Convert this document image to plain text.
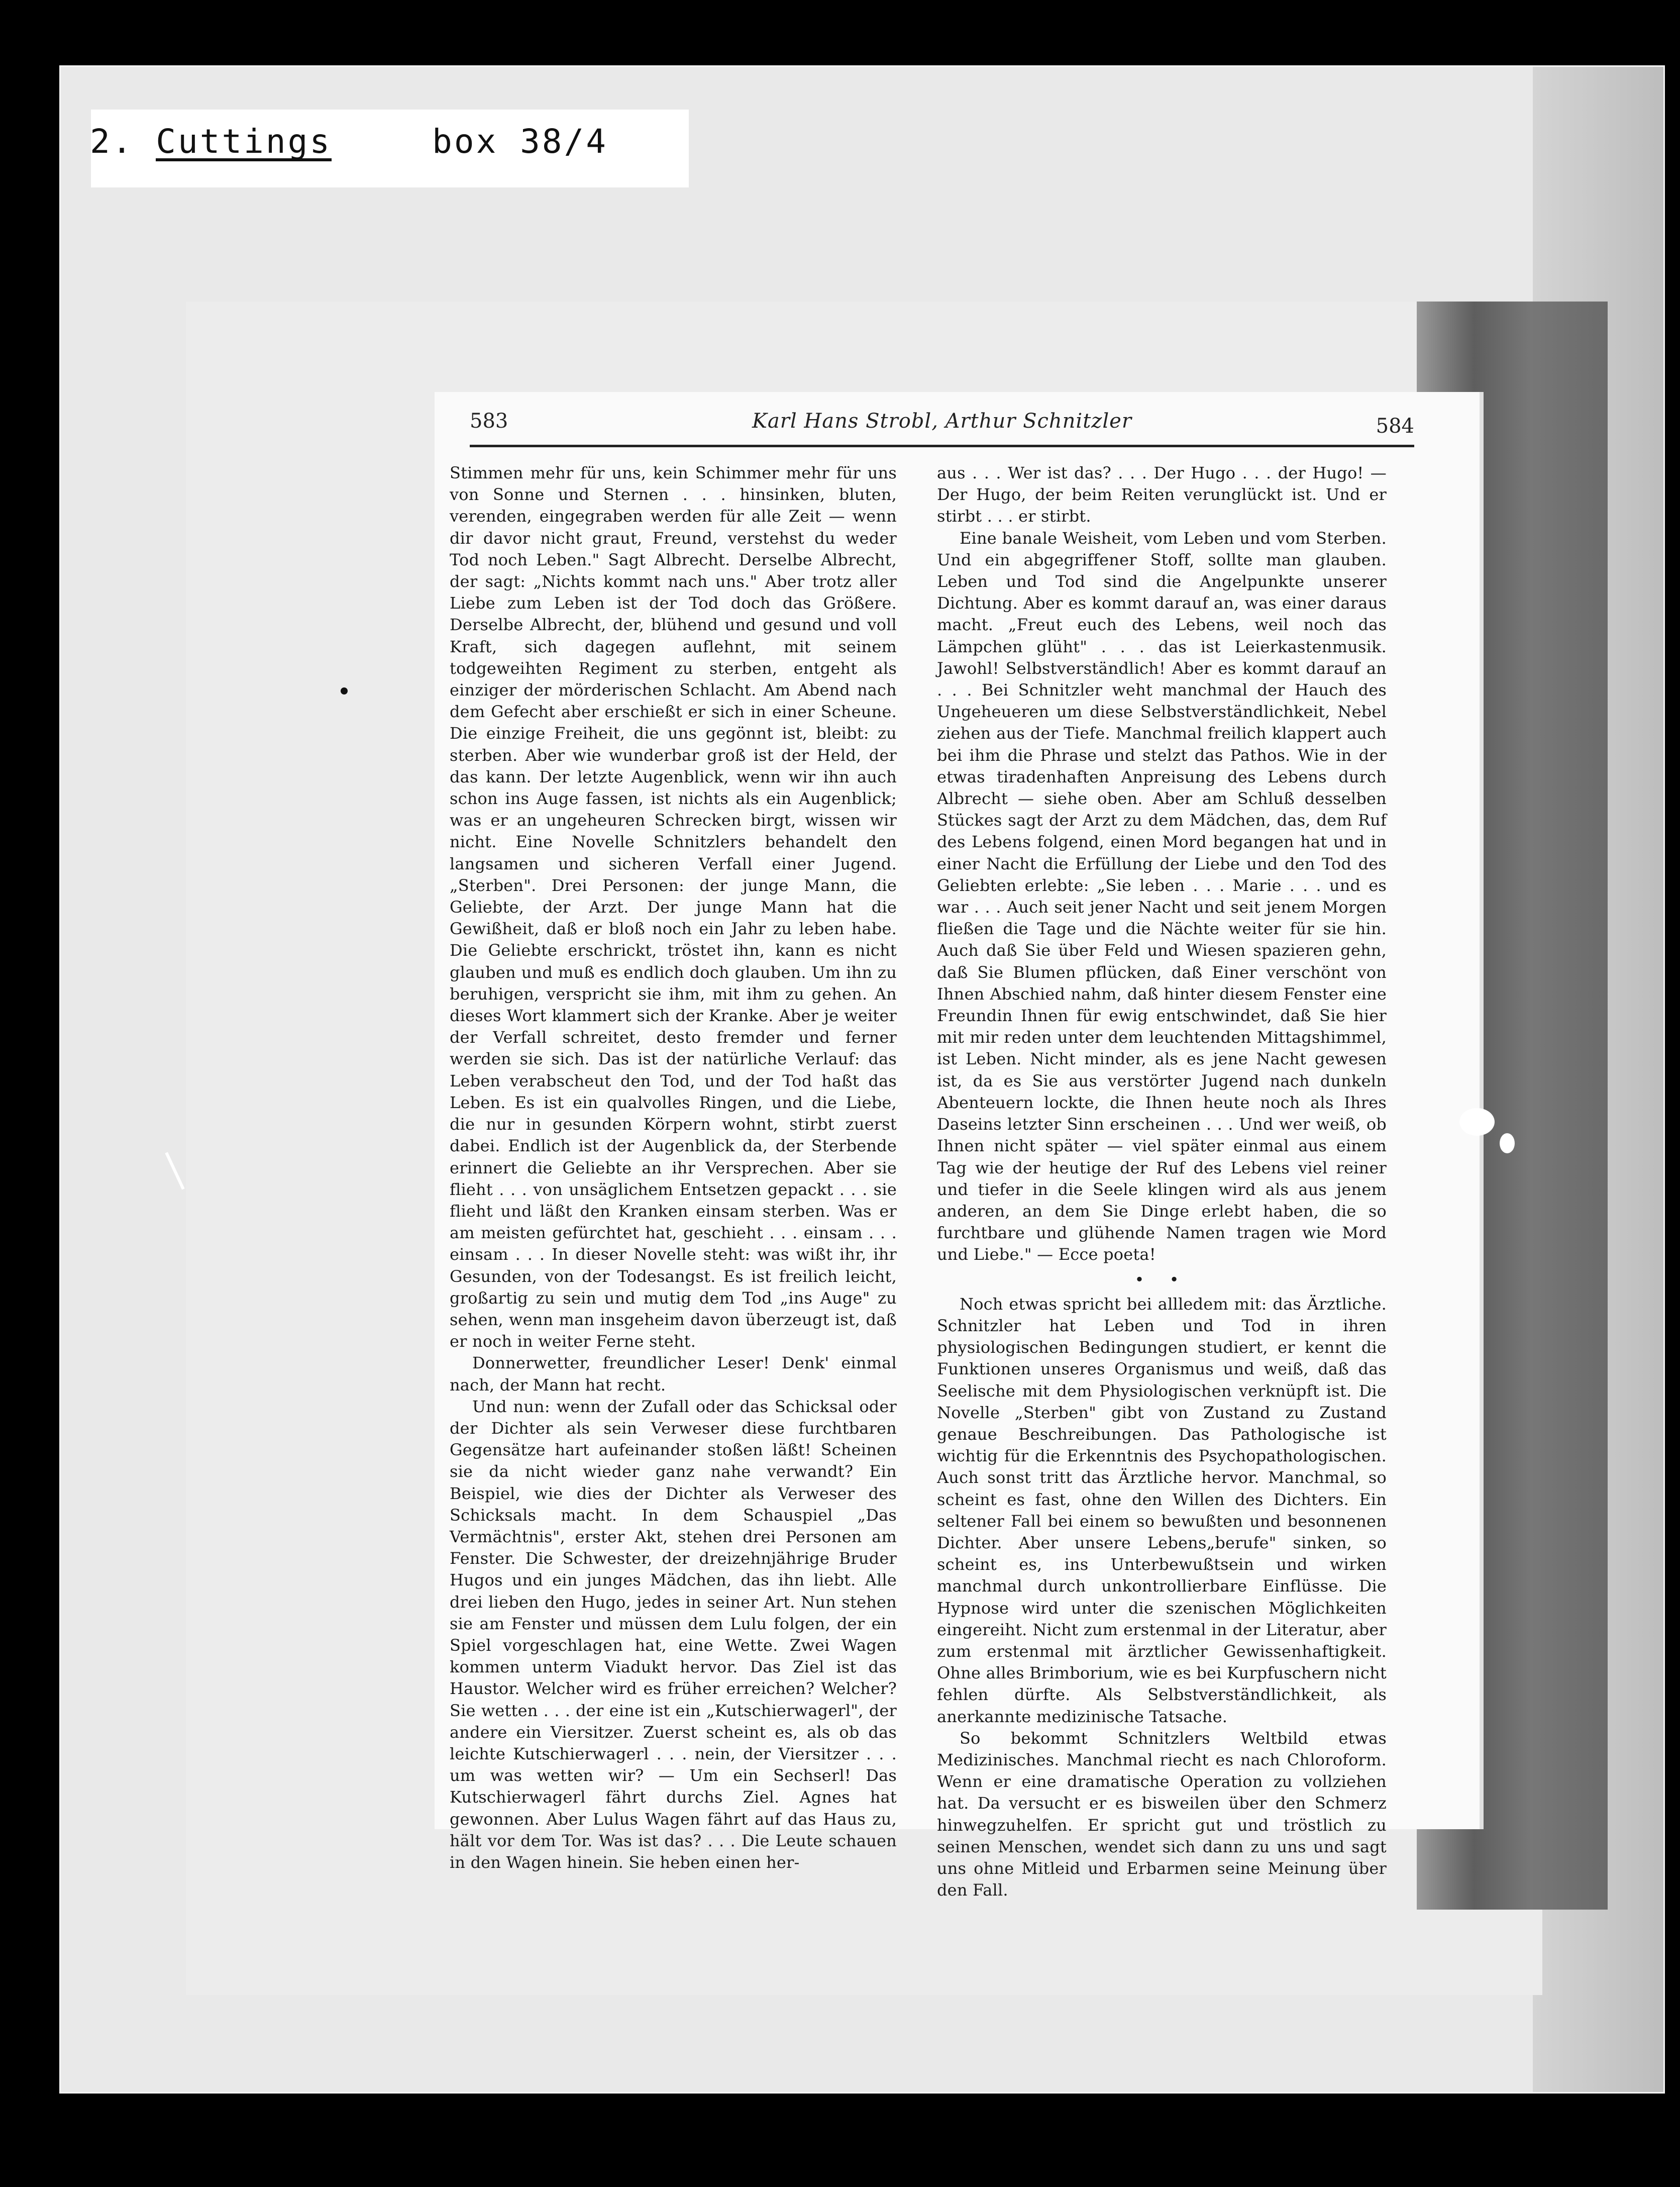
2. Cuttings	box 38/4
583	Karl Hans Strobl, Arthur Schnitzler	584

Stimmen mehr für uns, kein Schimmer mehr für uns von Sonne und Sternen . . . hinsinken, bluten, verenden, eingegraben werden für alle Zeit — wenn dir davor nicht graut, Freund, verstehst du weder Tod noch Leben." Sagt Albrecht. Derselbe Albrecht, der sagt: „Nichts kommt nach uns." Aber trotz aller Liebe zum Leben ist der Tod doch das Größere. Derselbe Albrecht, der, blühend und gesund und voll Kraft, sich dagegen auflehnt, mit seinem todgeweihten Regiment zu sterben, entgeht als einziger der mörderischen Schlacht. Am Abend nach dem Gefecht aber erschießt er sich in einer Scheune. Die einzige Freiheit, die uns gegönnt ist, bleibt: zu sterben. Aber wie wunderbar groß ist der Held, der das kann. Der letzte Augenblick, wenn wir ihn auch schon ins Auge fassen, ist nichts als ein Augenblick; was er an ungeheuren Schrecken birgt, wissen wir nicht. Eine Novelle Schnitzlers behandelt den langsamen und sicheren Verfall einer Jugend. „Sterben". Drei Personen: der junge Mann, die Geliebte, der Arzt. Der junge Mann hat die Gewißheit, daß er bloß noch ein Jahr zu leben habe. Die Geliebte erschrickt, tröstet ihn, kann es nicht glauben und muß es endlich doch glauben. Um ihn zu beruhigen, verspricht sie ihm, mit ihm zu gehen. An dieses Wort klammert sich der Kranke. Aber je weiter der Verfall schreitet, desto fremder und ferner werden sie sich. Das ist der natürliche Verlauf: das Leben verabscheut den Tod, und der Tod haßt das Leben. Es ist ein qualvolles Ringen, und die Liebe, die nur in gesunden Körpern wohnt, stirbt zuerst dabei. Endlich ist der Augenblick da, der Sterbende erinnert die Geliebte an ihr Versprechen. Aber sie flieht . . . von unsäglichem Entsetzen gepackt . . . sie flieht und läßt den Kranken einsam sterben. Was er am meisten gefürchtet hat, geschieht . . . einsam . . . einsam . . . In dieser Novelle steht: was wißt ihr, ihr Gesunden, von der Todesangst. Es ist freilich leicht, großartig zu sein und mutig dem Tod „ins Auge" zu sehen, wenn man insgeheim davon überzeugt ist, daß er noch in weiter Ferne steht.

Donnerwetter, freundlicher Leser! Denk' einmal nach, der Mann hat recht.

Und nun: wenn der Zufall oder das Schicksal oder der Dichter als sein Verweser diese furchtbaren Gegensätze hart aufeinander stoßen läßt! Scheinen sie da nicht wieder ganz nahe verwandt? Ein Beispiel, wie dies der Dichter als Verweser des Schicksals macht. In dem Schauspiel „Das Vermächtnis", erster Akt, stehen drei Personen am Fenster. Die Schwester, der dreizehnjährige Bruder Hugos und ein junges Mädchen, das ihn liebt. Alle drei lieben den Hugo, jedes in seiner Art. Nun stehen sie am Fenster und müssen dem Lulu folgen, der ein Spiel vorgeschlagen hat, eine Wette. Zwei Wagen kommen unterm Viadukt hervor. Das Ziel ist das Haustor. Welcher wird es früher erreichen? Welcher? Sie wetten . . . der eine ist ein „Kutschierwagerl", der andere ein Viersitzer. Zuerst scheint es, als ob das leichte Kutschierwagerl . . . nein, der Viersitzer . . . um was wetten wir? — Um ein Sechserl! Das Kutschierwagerl fährt durchs Ziel. Agnes hat gewonnen. Aber Lulus Wagen fährt auf das Haus zu, hält vor dem Tor. Was ist das? . . . Die Leute schauen in den Wagen hinein. Sie heben einen her-

aus . . . Wer ist das? . . . Der Hugo . . . der Hugo! — Der Hugo, der beim Reiten verunglückt ist. Und er stirbt . . . er stirbt.

Eine banale Weisheit, vom Leben und vom Sterben. Und ein abgegriffener Stoff, sollte man glauben. Leben und Tod sind die Angelpunkte unserer Dichtung. Aber es kommt darauf an, was einer daraus macht. „Freut euch des Lebens, weil noch das Lämpchen glüht" . . . das ist Leierkastenmusik. Jawohl! Selbstverständlich! Aber es kommt darauf an . . . Bei Schnitzler weht manchmal der Hauch des Ungeheueren um diese Selbstverständlichkeit, Nebel ziehen aus der Tiefe. Manchmal freilich klappert auch bei ihm die Phrase und stelzt das Pathos. Wie in der etwas tiradenhaften Anpreisung des Lebens durch Albrecht — siehe oben. Aber am Schluß desselben Stückes sagt der Arzt zu dem Mädchen, das, dem Ruf des Lebens folgend, einen Mord begangen hat und in einer Nacht die Erfüllung der Liebe und den Tod des Geliebten erlebte: „Sie leben . . . Marie . . . und es war . . . Auch seit jener Nacht und seit jenem Morgen fließen die Tage und die Nächte weiter für sie hin. Auch daß Sie über Feld und Wiesen spazieren gehn, daß Sie Blumen pflücken, daß Einer verschönt von Ihnen Abschied nahm, daß hinter diesem Fenster eine Freundin Ihnen für ewig entschwindet, daß Sie hier mit mir reden unter dem leuchtenden Mittagshimmel, ist Leben. Nicht minder, als es jene Nacht gewesen ist, da es Sie aus verstörter Jugend nach dunkeln Abenteuern lockte, die Ihnen heute noch als Ihres Daseins letzter Sinn erscheinen . . . Und wer weiß, ob Ihnen nicht später — viel später einmal aus einem Tag wie der heutige der Ruf des Lebens viel reiner und tiefer in die Seele klingen wird als aus jenem anderen, an dem Sie Dinge erlebt haben, die so furchtbare und glühende Namen tragen wie Mord und Liebe." — Ecce poeta!

• •

Noch etwas spricht bei allledem mit: das Ärztliche. Schnitzler hat Leben und Tod in ihren physiologischen Bedingungen studiert, er kennt die Funktionen unseres Organismus und weiß, daß das Seelische mit dem Physiologischen verknüpft ist. Die Novelle „Sterben" gibt von Zustand zu Zustand genaue Beschreibungen. Das Pathologische ist wichtig für die Erkenntnis des Psychopathologischen. Auch sonst tritt das Ärztliche hervor. Manchmal, so scheint es fast, ohne den Willen des Dichters. Ein seltener Fall bei einem so bewußten und besonnenen Dichter. Aber unsere Lebens„berufe" sinken, so scheint es, ins Unterbewußtsein und wirken manchmal durch unkontrollierbare Einflüsse. Die Hypnose wird unter die szenischen Möglichkeiten eingereiht. Nicht zum erstenmal in der Literatur, aber zum erstenmal mit ärztlicher Gewissenhaftigkeit. Ohne alles Brimborium, wie es bei Kurpfuschern nicht fehlen dürfte. Als Selbstverständlichkeit, als anerkannte medizinische Tatsache.

So bekommt Schnitzlers Weltbild etwas Medizinisches. Manchmal riecht es nach Chloroform. Wenn er eine dramatische Operation zu vollziehen hat. Da versucht er es bisweilen über den Schmerz hinwegzuhelfen. Er spricht gut und tröstlich zu seinen Menschen, wendet sich dann zu uns und sagt uns ohne Mitleid und Erbarmen seine Meinung über den Fall.
